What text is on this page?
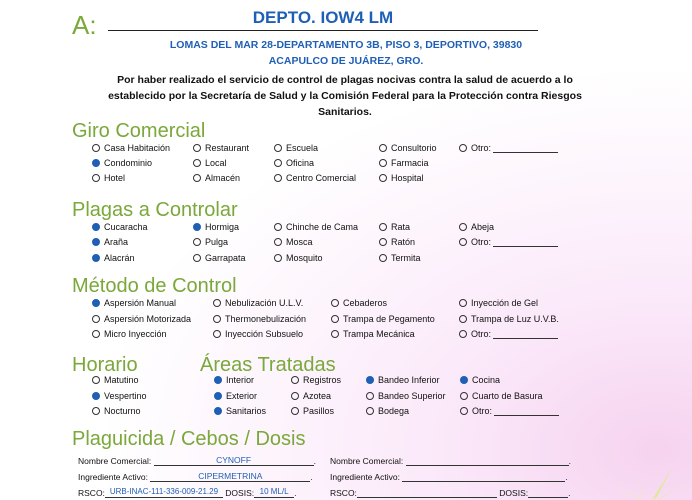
A:	DEPTO. IOW4 LM
LOMAS DEL MAR 28-DEPARTAMENTO 3B, PISO 3, DEPORTIVO, 39830
ACAPULCO DE JUÁREZ, GRO.
Por haber realizado el servicio de control de plagas nocivas contra la salud de acuerdo a lo establecido por la Secretaría de Salud y la Comisión Federal para la Protección contra Riesgos Sanitarios.
Giro Comercial
Plagas a Controlar
Método de Control
Horario	Áreas Tratadas
Plaguicida / Cebos / Dosis
Casa Habitación	Restaurant	Escuela	Consultorio	Otro:
Condominio	Local	Oficina	Farmacia
Hotel	Almacén	Centro Comercial	Hospital
Cucaracha	Hormiga	Chinche de Cama	Rata	Abeja
Araña	Pulga	Mosca	Ratón	Otro:
Alacrán	Garrapata	Mosquito	Termita
Aspersión Manual	Nebulización U.L.V.	Cebaderos	Inyección de Gel
Aspersión Motorizada	Thermonebulización	Trampa de Pegamento	Trampa de Luz U.V.B.
Micro Inyección	Inyección Subsuelo	Trampa Mecánica	Otro:
Matutino
Vespertino
Nocturno
Interior	Registros	Bandeo Inferior	Cocina
Exterior	Azotea	Bandeo Superior	Cuarto de Basura
Sanitarios	Pasillos	Bodega	Otro:
Nombre Comercial:	CYNOFF	. Nombre Comercial:	.
Ingrediente Activo:	CIPERMETRINA	. Ingrediente Activo:	.
RSCO: URB-INAC-111-336-009-21.29 DOSIS: 10 ML/L .	RSCO:	DOSIS:	.
